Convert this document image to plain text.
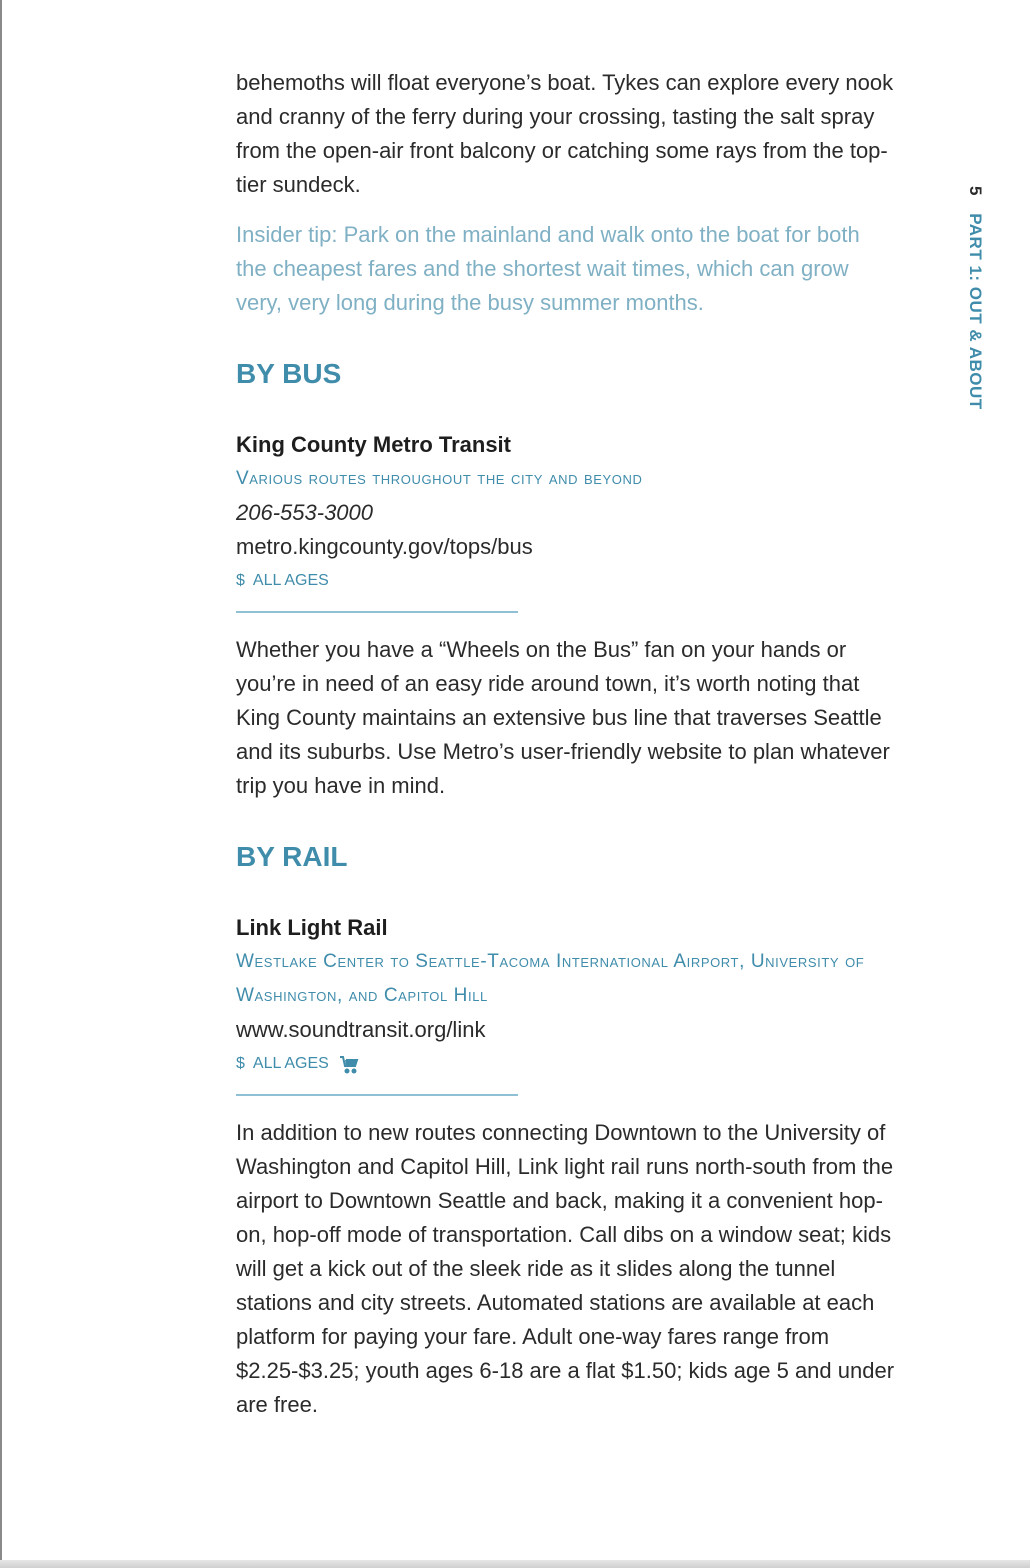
5 PART 1: OUT & ABOUT

behemoths will float everyone’s boat. Tykes can explore every nook and cranny of the ferry during your crossing, tasting the salt spray from the open-air front balcony or catching some rays from the top-tier sundeck.

Insider tip: Park on the mainland and walk onto the boat for both the cheapest fares and the shortest wait times, which can grow very, very long during the busy summer months.

BY BUS
King County Metro Transit
Various routes throughout the city and beyond
206-553-3000
metro.kingcounty.gov/tops/bus
$  ALL AGES

Whether you have a “Wheels on the Bus” fan on your hands or you’re in need of an easy ride around town, it’s worth noting that King County maintains an extensive bus line that traverses Seattle and its suburbs. Use Metro’s user-friendly website to plan whatever trip you have in mind.

BY RAIL
Link Light Rail
Westlake Center to Seattle-Tacoma International Airport, University of Washington, and Capitol Hill
www.soundtransit.org/link
$  ALL AGES

In addition to new routes connecting Downtown to the University of Washington and Capitol Hill, Link light rail runs north-south from the airport to Downtown Seattle and back, making it a convenient hop-on, hop-off mode of transportation. Call dibs on a window seat; kids will get a kick out of the sleek ride as it slides along the tunnel stations and city streets. Automated stations are available at each platform for paying your fare. Adult one-way fares range from $2.25-$3.25; youth ages 6-18 are a flat $1.50; kids age 5 and under are free.
